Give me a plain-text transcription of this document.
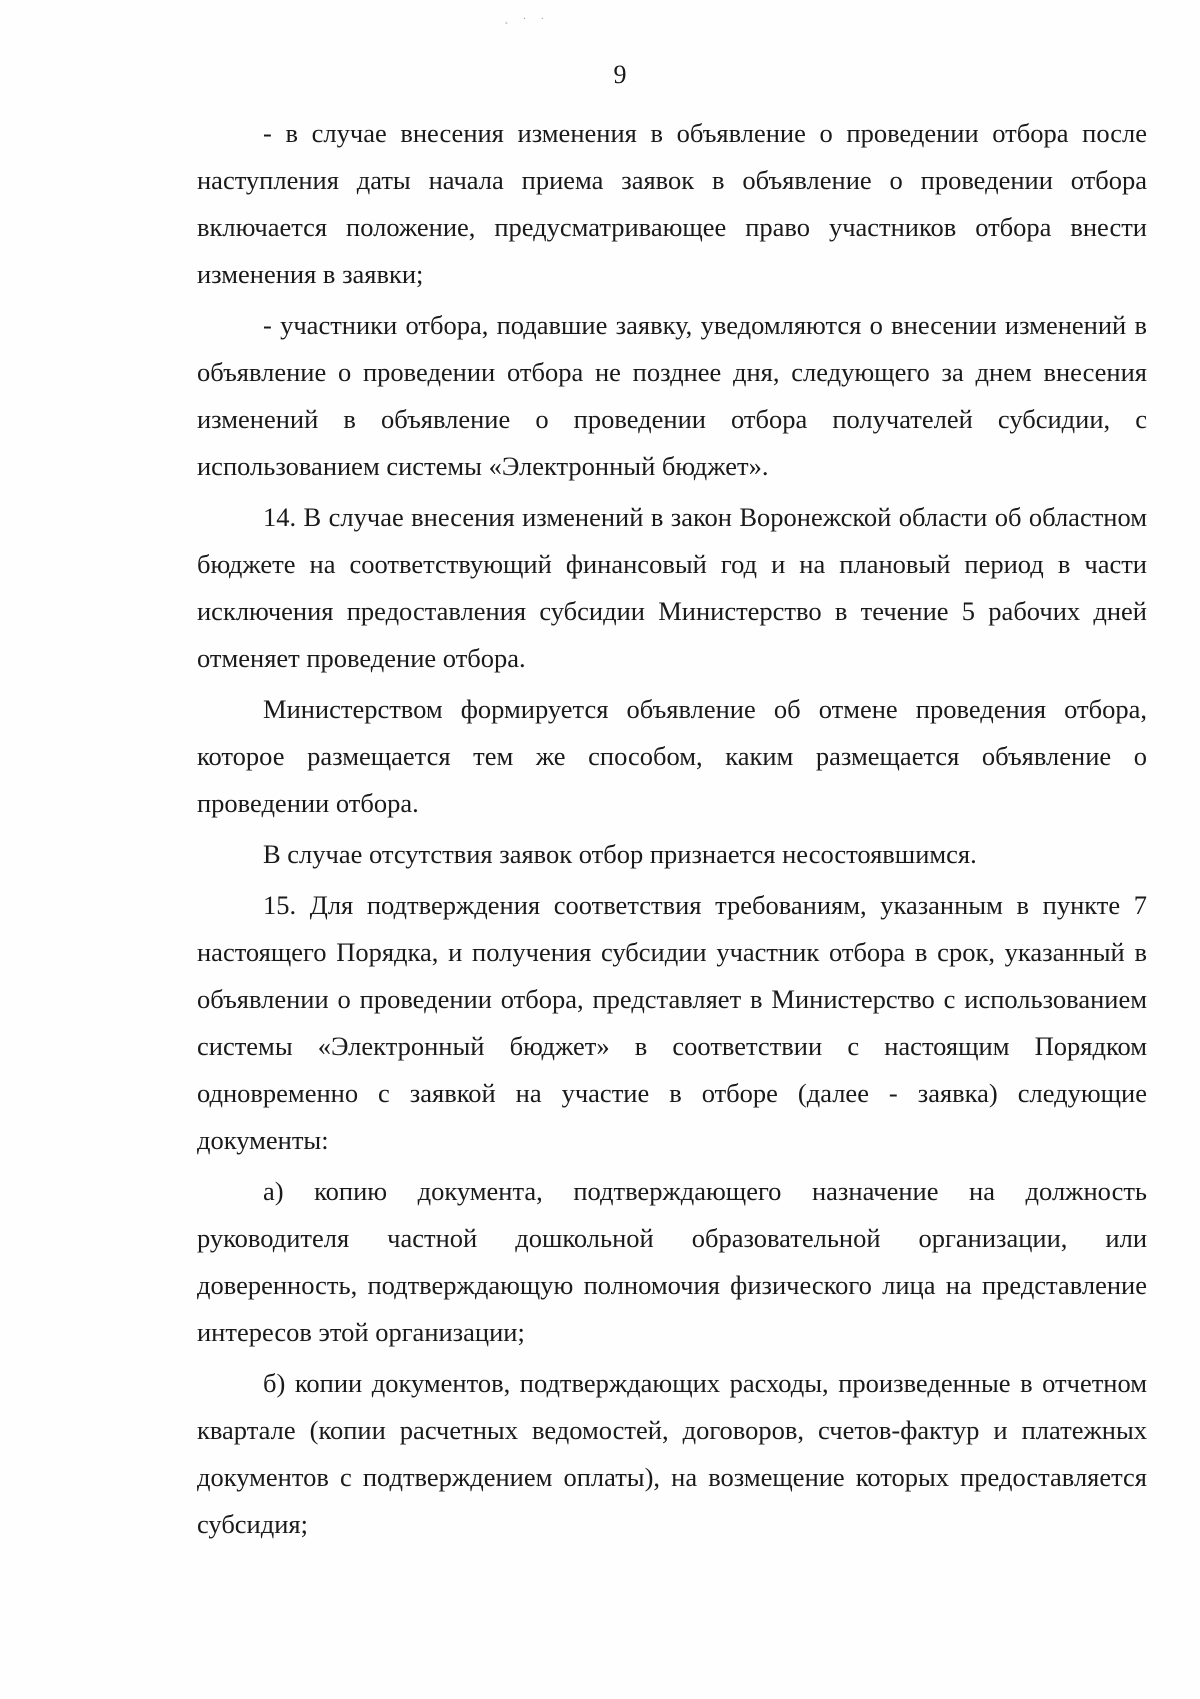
˛ · ·
9

- в случае внесения изменения в объявление о проведении отбора после наступления даты начала приема заявок в объявление о проведении отбора включается положение, предусматривающее право участников отбора внести изменения в заявки;

- участники отбора, подавшие заявку, уведомляются о внесении изменений в объявление о проведении отбора не позднее дня, следующего за днем внесения изменений в объявление о проведении отбора получателей субсидии, с использованием системы «Электронный бюджет».

14. В случае внесения изменений в закон Воронежской области об областном бюджете на соответствующий финансовый год и на плановый период в части исключения предоставления субсидии Министерство в течение 5 рабочих дней отменяет проведение отбора.

Министерством формируется объявление об отмене проведения отбора, которое размещается тем же способом, каким размещается объявление о проведении отбора.

В случае отсутствия заявок отбор признается несостоявшимся.

15. Для подтверждения соответствия требованиям, указанным в пункте 7 настоящего Порядка, и получения субсидии участник отбора в срок, указанный в объявлении о проведении отбора, представляет в Министерство с использованием системы «Электронный бюджет» в соответствии с настоящим Порядком одновременно с заявкой на участие в отборе (далее - заявка) следующие документы:

а) копию документа, подтверждающего назначение на должность руководителя частной дошкольной образовательной организации, или доверенность, подтверждающую полномочия физического лица на представление интересов этой организации;

б) копии документов, подтверждающих расходы, произведенные в отчетном квартале (копии расчетных ведомостей, договоров, счетов-фактур и платежных документов с подтверждением оплаты), на возмещение которых предоставляется субсидия;
